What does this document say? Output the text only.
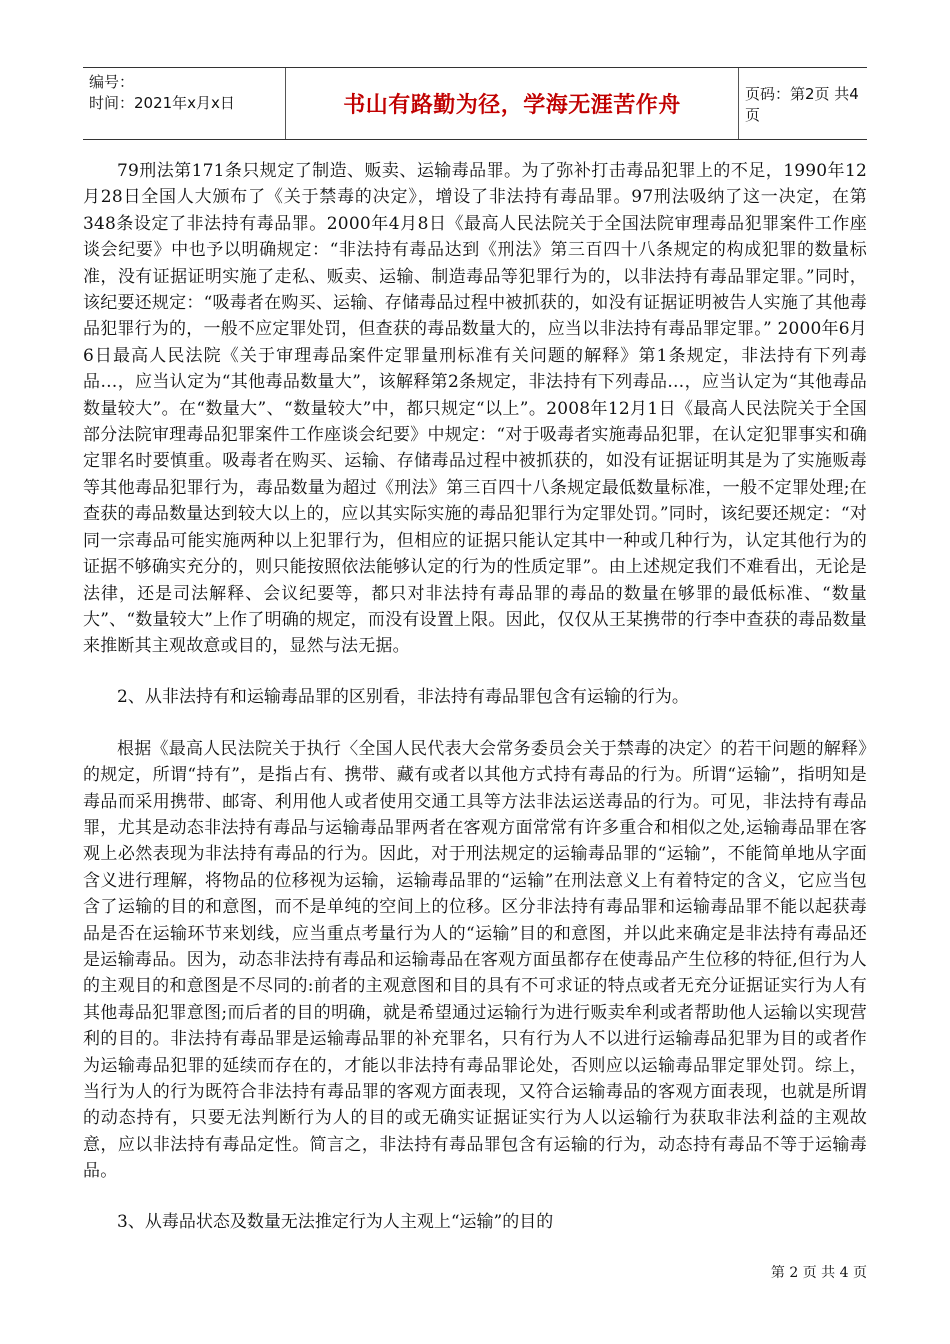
编号：
时间：2021年x月x日	书山有路勤为径，学海无涯苦作舟	页码：第2页 共4页

79刑法第171条只规定了制造、贩卖、运输毒品罪。为了弥补打击毒品犯罪上的不足，1990年12月28日全国人大颁布了《关于禁毒的决定》，增设了非法持有毒品罪。97刑法吸纳了这一决定，在第348条设定了非法持有毒品罪。2000年4月8日《最高人民法院关于全国法院审理毒品犯罪案件工作座谈会纪要》中也予以明确规定：“非法持有毒品达到《刑法》第三百四十八条规定的构成犯罪的数量标准，没有证据证明实施了走私、贩卖、运输、制造毒品等犯罪行为的，以非法持有毒品罪定罪。”同时，该纪要还规定：“吸毒者在购买、运输、存储毒品过程中被抓获的，如没有证据证明被告人实施了其他毒品犯罪行为的，一般不应定罪处罚，但查获的毒品数量大的，应当以非法持有毒品罪定罪。” 2000年6月6日最高人民法院《关于审理毒品案件定罪量刑标准有关问题的解释》第1条规定，非法持有下列毒品…，应当认定为“其他毒品数量大”，该解释第2条规定，非法持有下列毒品…，应当认定为“其他毒品数量较大”。在“数量大”、“数量较大”中，都只规定“以上”。2008年12月1日《最高人民法院关于全国部分法院审理毒品犯罪案件工作座谈会纪要》中规定：“对于吸毒者实施毒品犯罪，在认定犯罪事实和确定罪名时要慎重。吸毒者在购买、运输、存储毒品过程中被抓获的，如没有证据证明其是为了实施贩毒等其他毒品犯罪行为，毒品数量为超过《刑法》第三百四十八条规定最低数量标准，一般不定罪处理;在查获的毒品数量达到较大以上的，应以其实际实施的毒品犯罪行为定罪处罚。”同时，该纪要还规定：“对同一宗毒品可能实施两种以上犯罪行为，但相应的证据只能认定其中一种或几种行为，认定其他行为的证据不够确实充分的，则只能按照依法能够认定的行为的性质定罪”。由上述规定我们不难看出，无论是法律，还是司法解释、会议纪要等，都只对非法持有毒品罪的毒品的数量在够罪的最低标准、“数量大”、“数量较大”上作了明确的规定，而没有设置上限。因此，仅仅从王某携带的行李中查获的毒品数量来推断其主观故意或目的，显然与法无据。

2、从非法持有和运输毒品罪的区别看，非法持有毒品罪包含有运输的行为。

根据《最高人民法院关于执行〈全国人民代表大会常务委员会关于禁毒的决定〉的若干问题的解释》的规定，所谓“持有”，是指占有、携带、藏有或者以其他方式持有毒品的行为。所谓“运输”，指明知是毒品而采用携带、邮寄、利用他人或者使用交通工具等方法非法运送毒品的行为。可见，非法持有毒品罪，尤其是动态非法持有毒品与运输毒品罪两者在客观方面常常有许多重合和相似之处,运输毒品罪在客观上必然表现为非法持有毒品的行为。因此，对于刑法规定的运输毒品罪的“运输”，不能简单地从字面含义进行理解，将物品的位移视为运输，运输毒品罪的“运输”在刑法意义上有着特定的含义，它应当包含了运输的目的和意图，而不是单纯的空间上的位移。区分非法持有毒品罪和运输毒品罪不能以起获毒品是否在运输环节来划线，应当重点考量行为人的“运输”目的和意图，并以此来确定是非法持有毒品还是运输毒品。因为，动态非法持有毒品和运输毒品在客观方面虽都存在使毒品产生位移的特征,但行为人的主观目的和意图是不尽同的:前者的主观意图和目的具有不可求证的特点或者无充分证据证实行为人有其他毒品犯罪意图;而后者的目的明确，就是希望通过运输行为进行贩卖牟利或者帮助他人运输以实现营利的目的。非法持有毒品罪是运输毒品罪的补充罪名，只有行为人不以进行运输毒品犯罪为目的或者作为运输毒品犯罪的延续而存在的，才能以非法持有毒品罪论处，否则应以运输毒品罪定罪处罚。综上，当行为人的行为既符合非法持有毒品罪的客观方面表现，又符合运输毒品的客观方面表现，也就是所谓的动态持有，只要无法判断行为人的目的或无确实证据证实行为人以运输行为获取非法利益的主观故意，应以非法持有毒品定性。简言之，非法持有毒品罪包含有运输的行为，动态持有毒品不等于运输毒品。

3、从毒品状态及数量无法推定行为人主观上“运输”的目的

第 2 页 共 4 页
